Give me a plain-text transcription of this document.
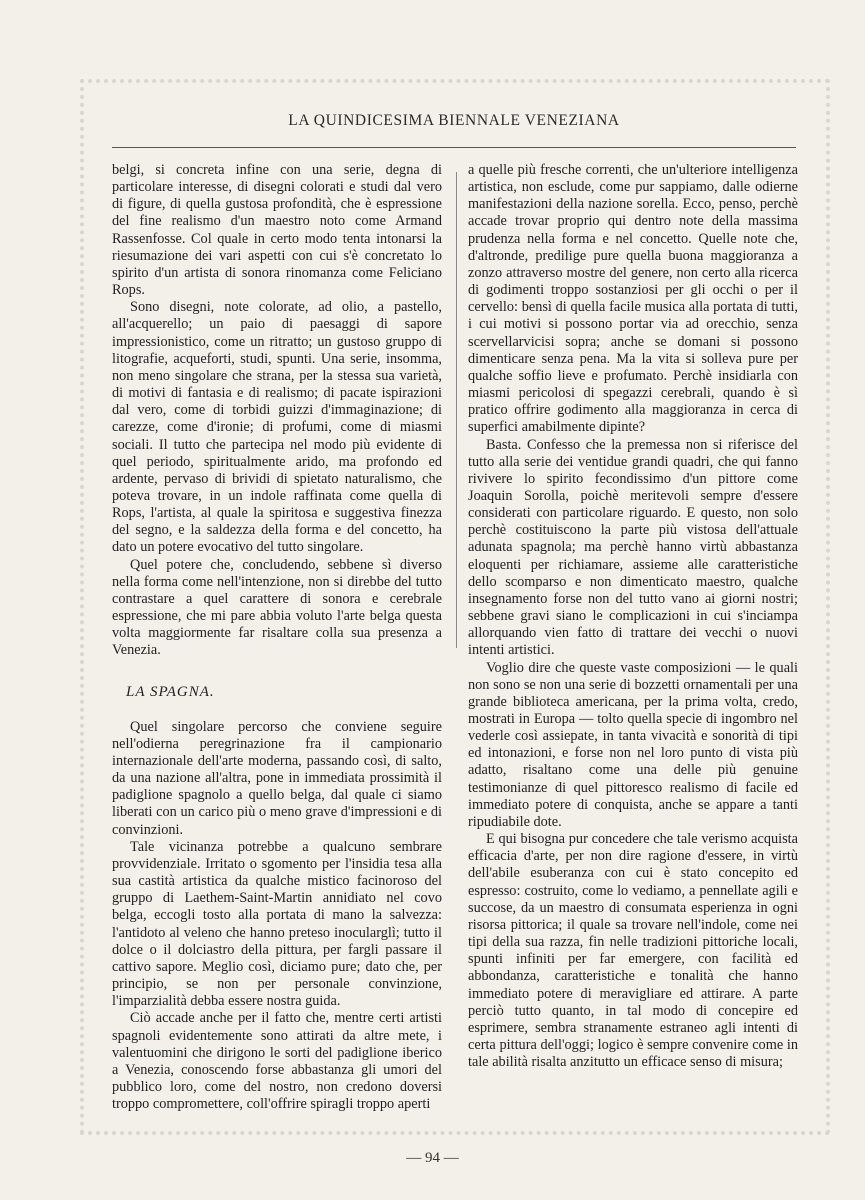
LA QUINDICESIMA BIENNALE VENEZIANA

belgi, si concreta infine con una serie, degna di particolare interesse, di disegni colorati e studi dal vero di figure, di quella gustosa profondità, che è espressione del fine realismo d'un maestro noto come Armand Rassenfosse. Col quale in certo modo tenta intonarsi la riesumazione dei vari aspetti con cui s'è concretato lo spirito d'un artista di sonora rinomanza come Feliciano Rops.

Sono disegni, note colorate, ad olio, a pastello, all'acquerello; un paio di paesaggi di sapore impressionistico, come un ritratto; un gustoso gruppo di litografie, acqueforti, studi, spunti. Una serie, insomma, non meno singolare che strana, per la stessa sua varietà, di motivi di fantasia e di realismo; di pacate ispirazioni dal vero, come di torbidi guizzi d'immaginazione; di carezze, come d'ironie; di profumi, come di miasmi sociali. Il tutto che partecipa nel modo più evidente di quel periodo, spiritualmente arido, ma profondo ed ardente, pervaso di brividi di spietato naturalismo, che poteva trovare, in un indole raffinata come quella di Rops, l'artista, al quale la spiritosa e suggestiva finezza del segno, e la saldezza della forma e del concetto, ha dato un potere evocativo del tutto singolare.

Quel potere che, concludendo, sebbene sì diverso nella forma come nell'intenzione, non si direbbe del tutto contrastare a quel carattere di sonora e cerebrale espressione, che mi pare abbia voluto l'arte belga questa volta maggiormente far risaltare colla sua presenza a Venezia.

LA SPAGNA.

Quel singolare percorso che conviene seguire nell'odierna peregrinazione fra il campionario internazionale dell'arte moderna, passando così, di salto, da una nazione all'altra, pone in immediata prossimità il padiglione spagnolo a quello belga, dal quale ci siamo liberati con un carico più o meno grave d'impressioni e di convinzioni.

Tale vicinanza potrebbe a qualcuno sembrare provvidenziale. Irritato o sgomento per l'insidia tesa alla sua castità artistica da qualche mistico facinoroso del gruppo di Laethem-Saint-Martin annidiato nel covo belga, eccogli tosto alla portata di mano la salvezza: l'antidoto al veleno che hanno preteso inocularglì; tutto il dolce o il dolciastro della pittura, per fargli passare il cattivo sapore. Meglio così, diciamo pure; dato che, per principio, se non per personale convinzione, l'imparzialità debba essere nostra guida.

Ciò accade anche per il fatto che, mentre certi artisti spagnoli evidentemente sono attirati da altre mete, i valentuomini che dirigono le sorti del padiglione iberico a Venezia, conoscendo forse abbastanza gli umori del pubblico loro, come del nostro, non credono doversi troppo compromettere, coll'offrire spiragli troppo aperti

a quelle più fresche correnti, che un'ulteriore intelligenza artistica, non esclude, come pur sappiamo, dalle odierne manifestazioni della nazione sorella. Ecco, penso, perchè accade trovar proprio qui dentro note della massima prudenza nella forma e nel concetto. Quelle note che, d'altronde, predilige pure quella buona maggioranza a zonzo attraverso mostre del genere, non certo alla ricerca di godimenti troppo sostanziosi per gli occhi o per il cervello: bensì di quella facile musica alla portata di tutti, i cui motivi si possono portar via ad orecchio, senza scervellarvicisi sopra; anche se domani si possono dimenticare senza pena. Ma la vita si solleva pure per qualche soffio lieve e profumato. Perchè insidiarla con miasmi pericolosi di spegazzi cerebrali, quando è sì pratico offrire godimento alla maggioranza in cerca di superfici amabilmente dipinte?

Basta. Confesso che la premessa non si riferisce del tutto alla serie dei ventidue grandi quadri, che qui fanno rivivere lo spirito fecondissimo d'un pittore come Joaquin Sorolla, poichè meritevoli sempre d'essere considerati con particolare riguardo. E questo, non solo perchè costituiscono la parte più vistosa dell'attuale adunata spagnola; ma perchè hanno virtù abbastanza eloquenti per richiamare, assieme alle caratteristiche dello scomparso e non dimenticato maestro, qualche insegnamento forse non del tutto vano ai giorni nostri; sebbene gravi siano le complicazioni in cui s'inciampa allorquando vien fatto di trattare dei vecchi o nuovi intenti artistici.

Voglio dire che queste vaste composizioni — le quali non sono se non una serie di bozzetti ornamentali per una grande biblioteca americana, per la prima volta, credo, mostrati in Europa — tolto quella specie di ingombro nel vederle così assiepate, in tanta vivacità e sonorità di tipi ed intonazioni, e forse non nel loro punto di vista più adatto, risaltano come una delle più genuine testimonianze di quel pittoresco realismo di facile ed immediato potere di conquista, anche se appare a tanti ripudiabile dote.

E qui bisogna pur concedere che tale verismo acquista efficacia d'arte, per non dire ragione d'essere, in virtù dell'abile esuberanza con cui è stato concepito ed espresso: costruito, come lo vediamo, a pennellate agili e succose, da un maestro di consumata esperienza in ogni risorsa pittorica; il quale sa trovare nell'indole, come nei tipi della sua razza, fin nelle tradizioni pittoriche locali, spunti infiniti per far emergere, con facilità ed abbondanza, caratteristiche e tonalità che hanno immediato potere di meravigliare ed attirare. A parte perciò tutto quanto, in tal modo di concepire ed esprimere, sembra stranamente estraneo agli intenti di certa pittura dell'oggi; logico è sempre convenire come in tale abilità risalta anzitutto un efficace senso di misura;

— 94 —
